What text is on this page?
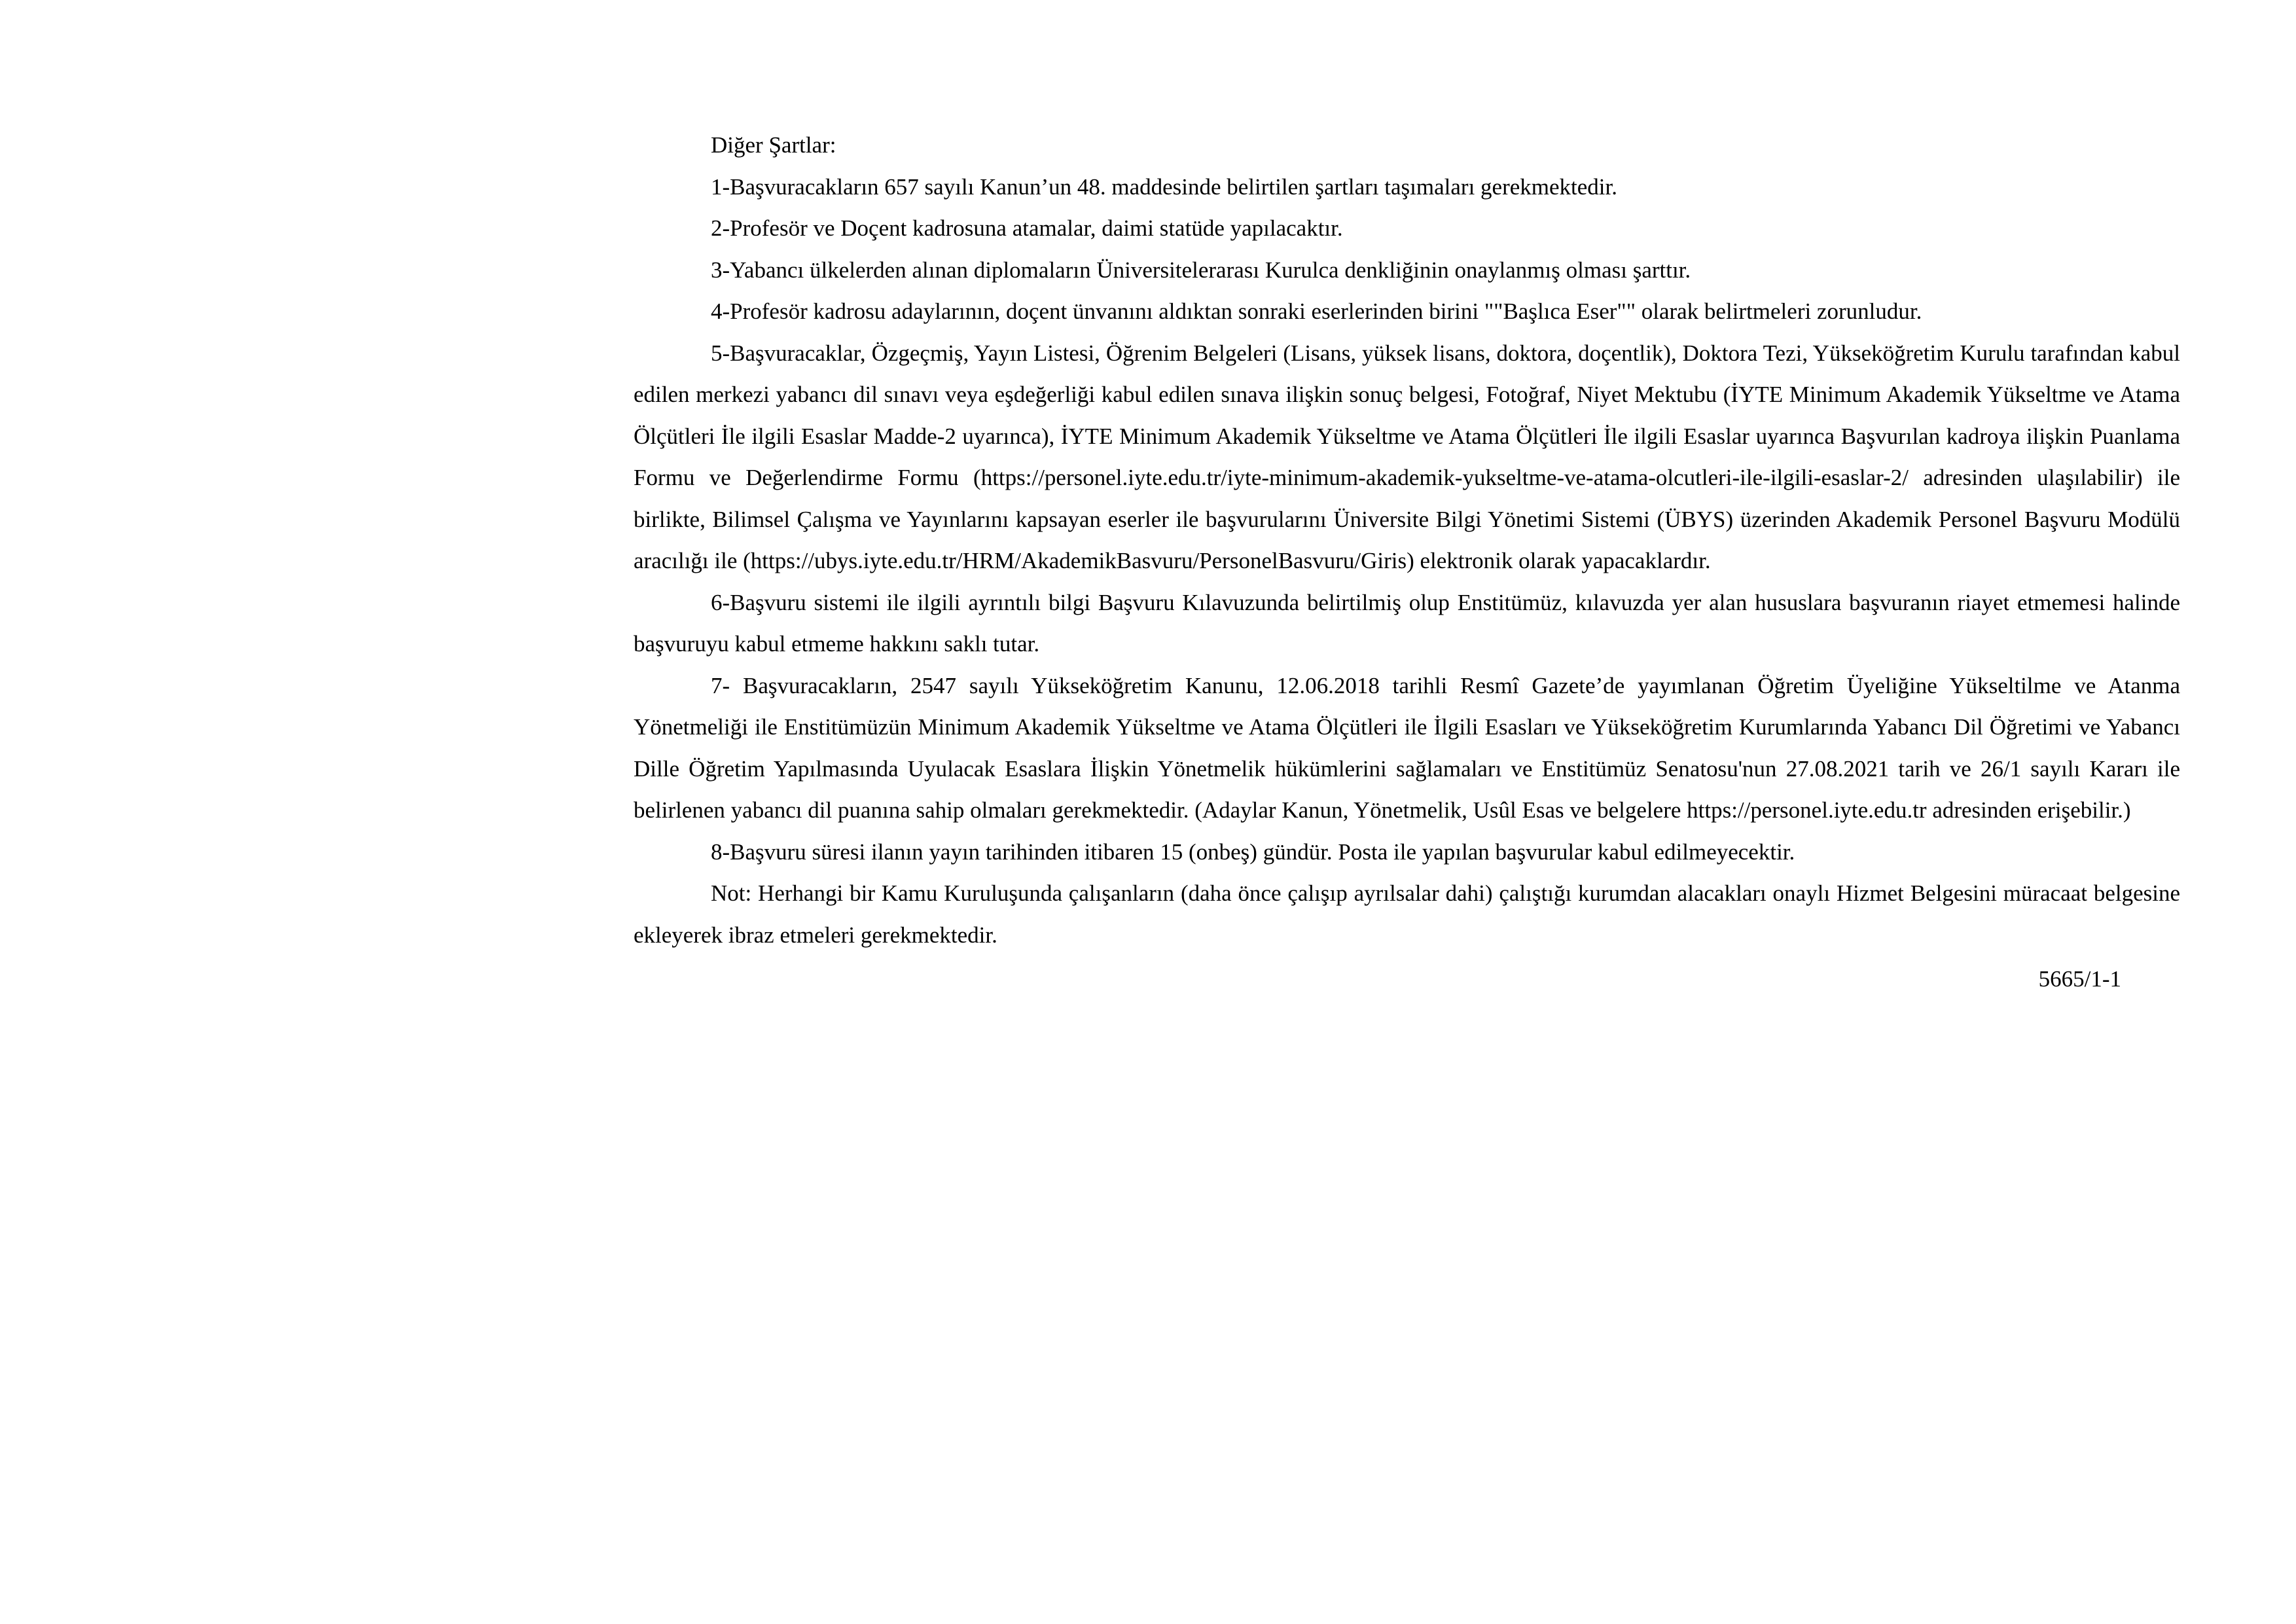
Diğer Şartlar:

1-Başvuracakların 657 sayılı Kanun’un 48. maddesinde belirtilen şartları taşımaları gerekmektedir.

2-Profesör ve Doçent kadrosuna atamalar, daimi statüde yapılacaktır.

3-Yabancı ülkelerden alınan diplomaların Üniversitelerarası Kurulca denkliğinin onaylanmış olması şarttır.

4-Profesör kadrosu adaylarının, doçent ünvanını aldıktan sonraki eserlerinden birini ""Başlıca Eser"" olarak belirtmeleri zorunludur.

5-Başvuracaklar, Özgeçmiş, Yayın Listesi, Öğrenim Belgeleri (Lisans, yüksek lisans, doktora, doçentlik), Doktora Tezi, Yükseköğretim Kurulu tarafından kabul edilen merkezi yabancı dil sınavı veya eşdeğerliği kabul edilen sınava ilişkin sonuç belgesi, Fotoğraf, Niyet Mektubu (İYTE Minimum Akademik Yükseltme ve Atama Ölçütleri İle ilgili Esaslar Madde-2 uyarınca), İYTE Minimum Akademik Yükseltme ve Atama Ölçütleri İle ilgili Esaslar uyarınca Başvurılan kadroya ilişkin Puanlama Formu ve Değerlendirme Formu (https://personel.iyte.edu.tr/iyte-minimum-akademik-yukseltme-ve-atama-olcutleri-ile-ilgili-esaslar-2/ adresinden ulaşılabilir) ile birlikte, Bilimsel Çalışma ve Yayınlarını kapsayan eserler ile başvurularını Üniversite Bilgi Yönetimi Sistemi (ÜBYS) üzerinden Akademik Personel Başvuru Modülü aracılığı ile (https://ubys.iyte.edu.tr/HRM/AkademikBasvuru/PersonelBasvuru/Giris) elektronik olarak yapacaklardır.

6-Başvuru sistemi ile ilgili ayrıntılı bilgi Başvuru Kılavuzunda belirtilmiş olup Enstitümüz, kılavuzda yer alan hususlara başvuranın riayet etmemesi halinde başvuruyu kabul etmeme hakkını saklı tutar.

7- Başvuracakların, 2547 sayılı Yükseköğretim Kanunu, 12.06.2018 tarihli Resmî Gazete’de yayımlanan Öğretim Üyeliğine Yükseltilme ve Atanma Yönetmeliği ile Enstitümüzün Minimum Akademik Yükseltme ve Atama Ölçütleri ile İlgili Esasları ve Yükseköğretim Kurumlarında Yabancı Dil Öğretimi ve Yabancı Dille Öğretim Yapılmasında Uyulacak Esaslara İlişkin Yönetmelik hükümlerini sağlamaları ve Enstitümüz Senatosu'nun 27.08.2021 tarih ve 26/1 sayılı Kararı ile belirlenen yabancı dil puanına sahip olmaları gerekmektedir. (Adaylar Kanun, Yönetmelik, Usûl Esas ve belgelere https://personel.iyte.edu.tr adresinden erişebilir.)

8-Başvuru süresi ilanın yayın tarihinden itibaren 15 (onbeş) gündür. Posta ile yapılan başvurular kabul edilmeyecektir.

Not: Herhangi bir Kamu Kuruluşunda çalışanların (daha önce çalışıp ayrılsalar dahi) çalıştığı kurumdan alacakları onaylı Hizmet Belgesini müracaat belgesine ekleyerek ibraz etmeleri gerekmektedir.

5665/1-1
